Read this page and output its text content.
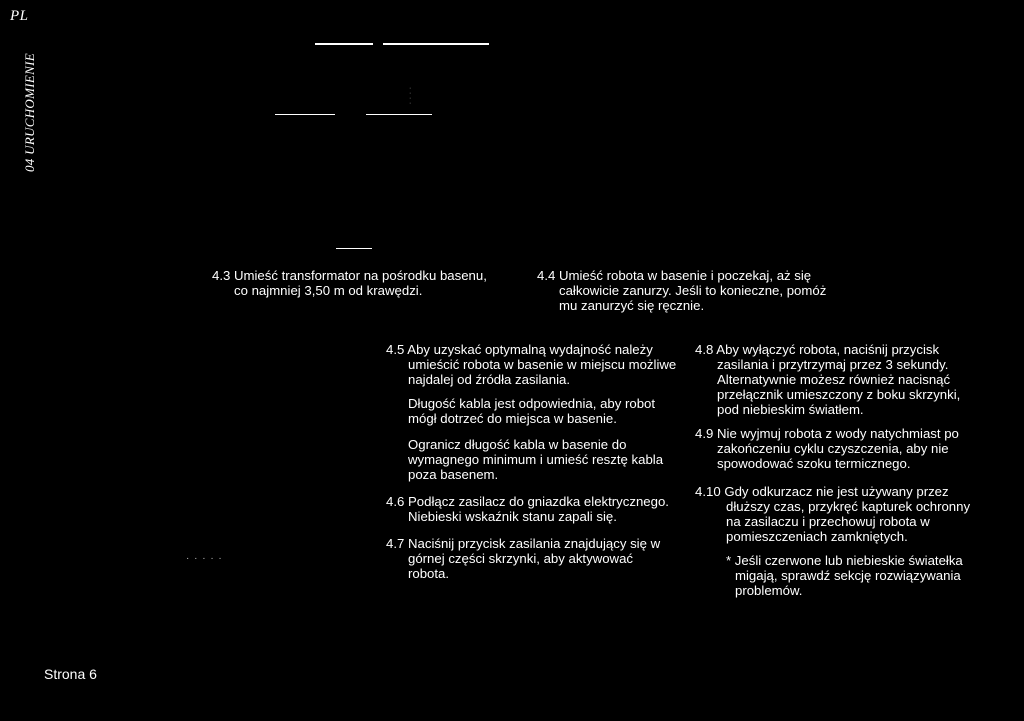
PL
04 URUCHOMIENIE	·
·
·
·
· · · · ·
4.3 Umieść transformator na pośrodku basenu,
co najmniej 3,50 m od krawędzi.
4.4 Umieść robota w basenie i poczekaj, aż się
całkowicie zanurzy. Jeśli to konieczne, pomóż
mu zanurzyć się ręcznie.
4.5 Aby uzyskać optymalną wydajność należy
umieścić robota w basenie w miejscu możliwe
najdalej od źródła zasilania.
Długość kabla jest odpowiednia, aby robot
mógł dotrzeć do miejsca w basenie.
Ogranicz długość kabla w basenie do
wymagnego minimum i umieść resztę kabla
poza basenem.
4.6 Podłącz zasilacz do gniazdka elektrycznego.
Niebieski wskaźnik stanu zapali się.
4.7 Naciśnij przycisk zasilania znajdujący się w
górnej części skrzynki, aby aktywować
robota.
4.8 Aby wyłączyć robota, naciśnij przycisk
zasilania i przytrzymaj przez 3 sekundy.
Alternatywnie możesz również nacisnąć
przełącznik umieszczony z boku skrzynki,
pod niebieskim światłem.
4.9 Nie wyjmuj robota z wody natychmiast po
zakończeniu cyklu czyszczenia, aby nie
spowodować szoku termicznego.
4.10 Gdy odkurzacz nie jest używany przez
dłuższy czas, przykręć kapturek ochronny
na zasilaczu i przechowuj robota w
pomieszczeniach zamkniętych.
* Jeśli czerwone lub niebieskie światełka
migają, sprawdź sekcję rozwiązywania
problemów.
Strona 6
